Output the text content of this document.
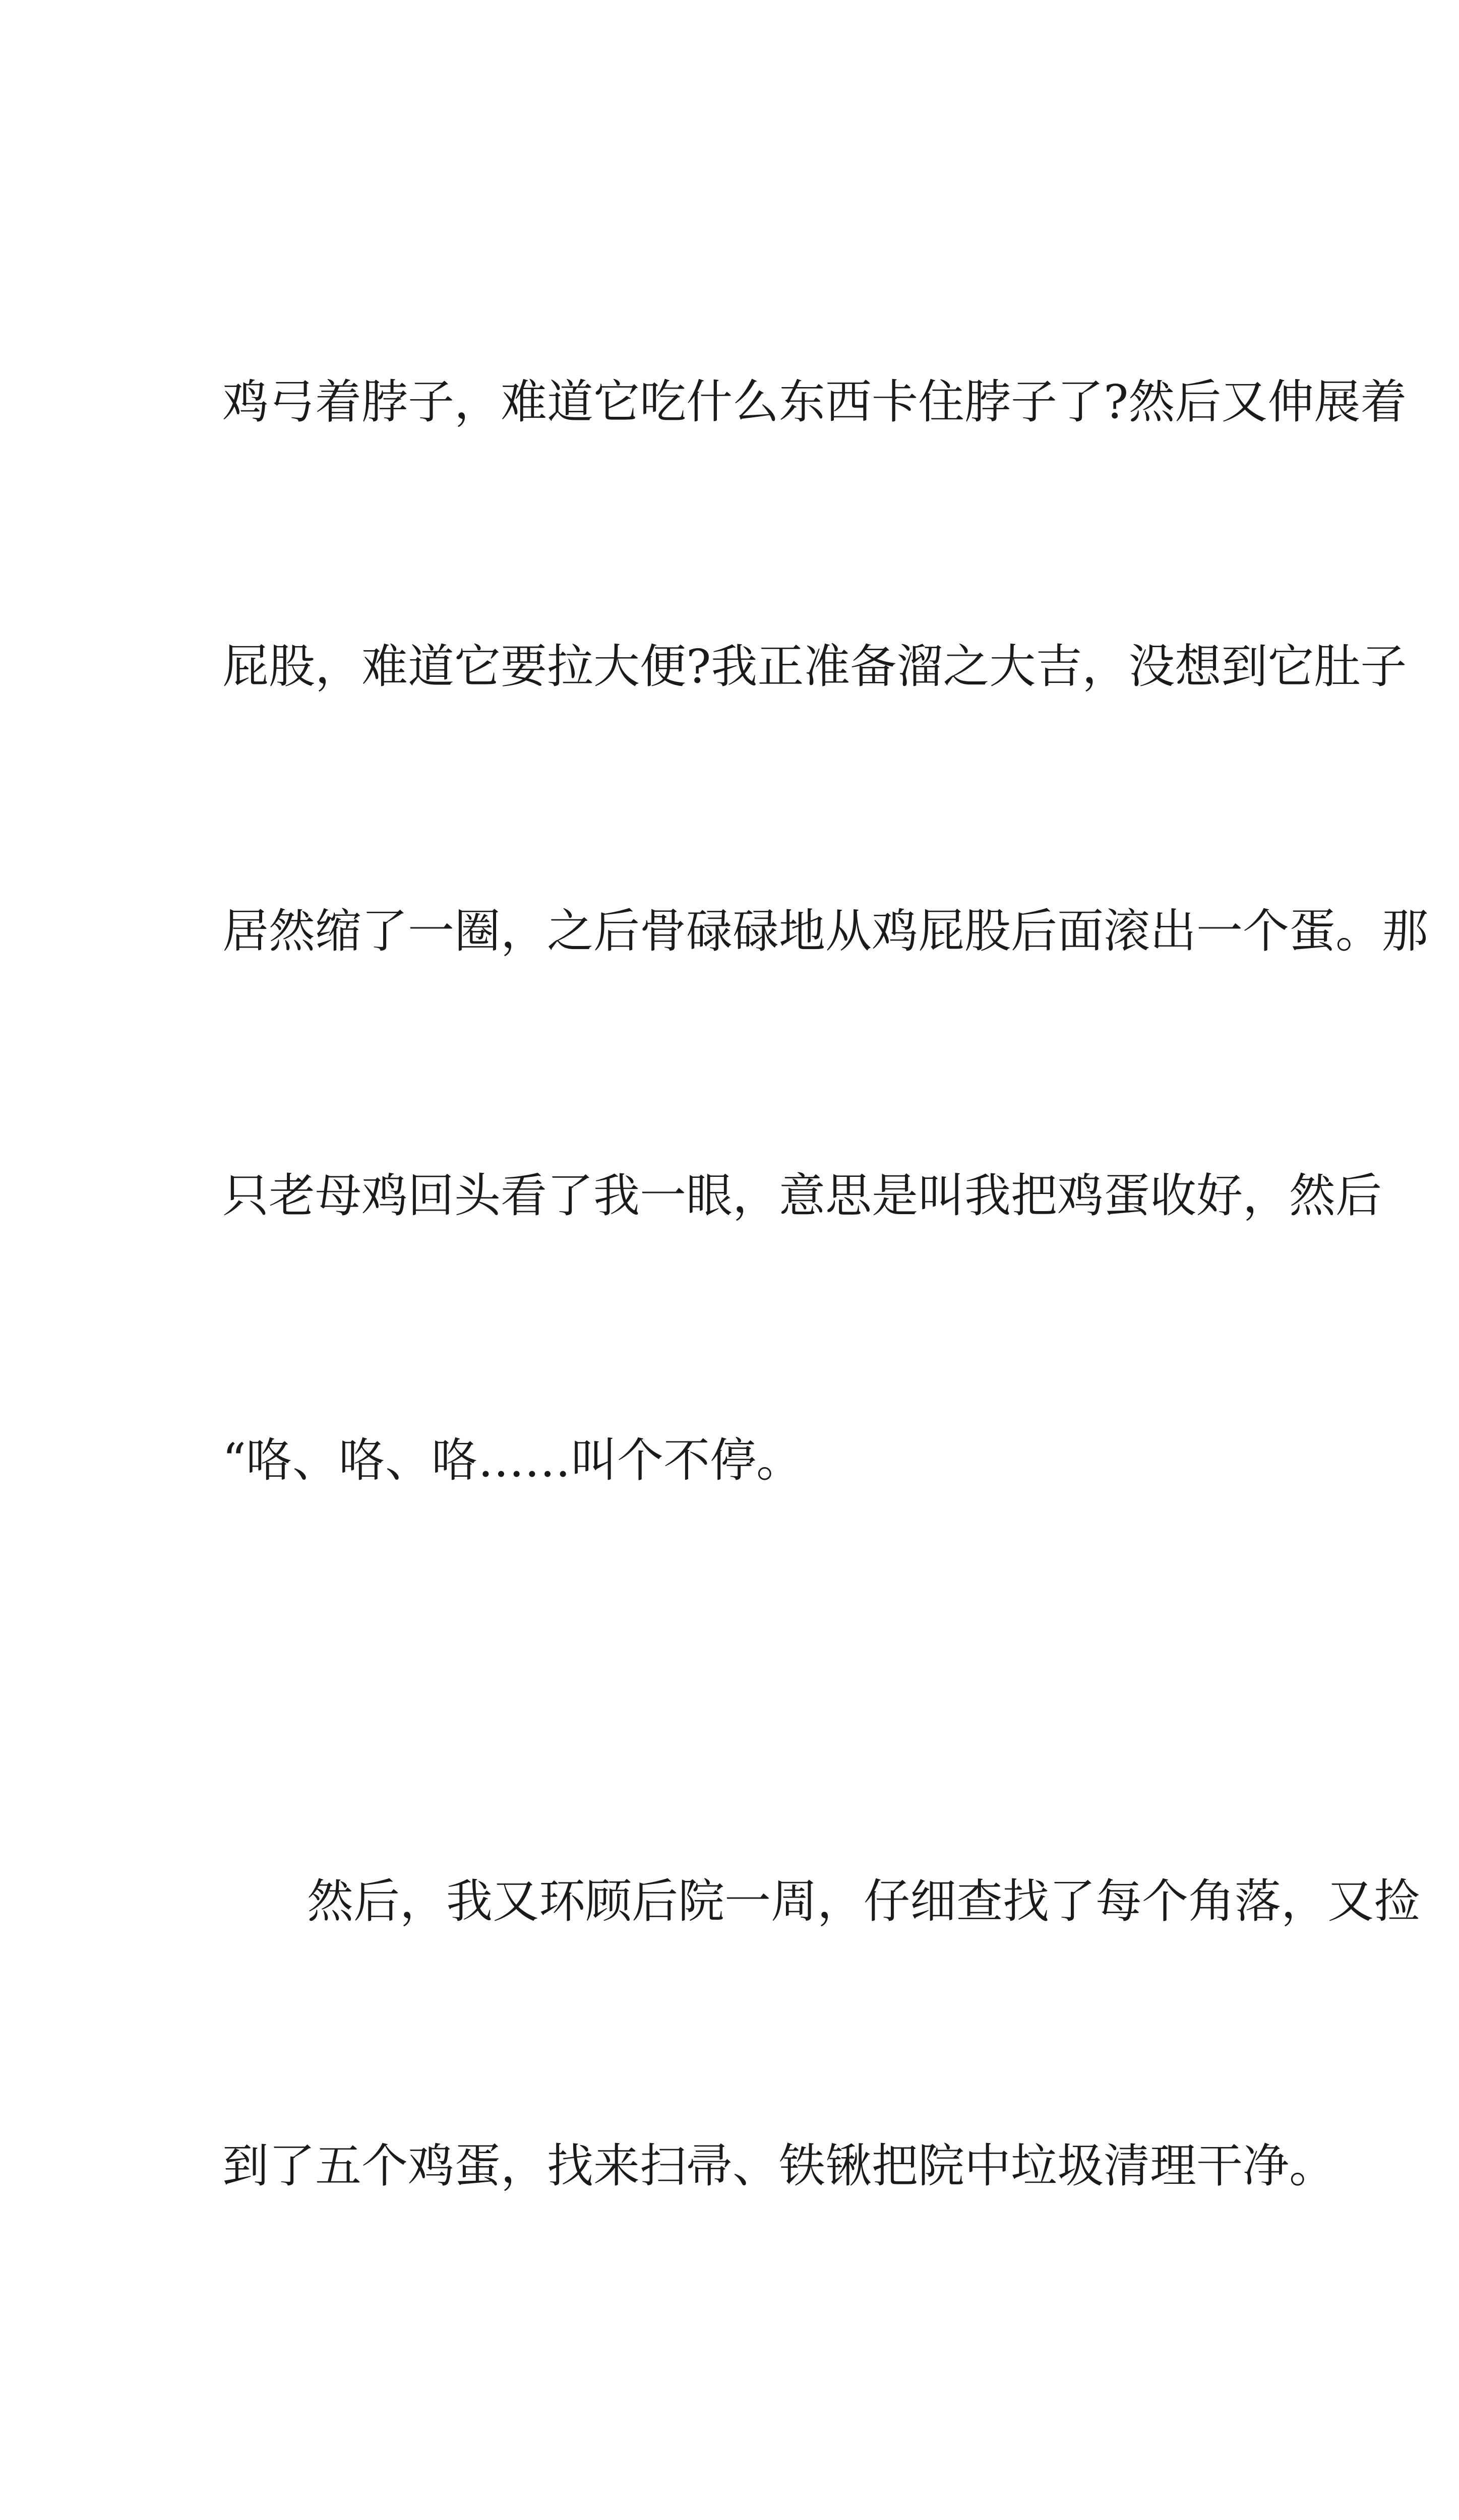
鸡弓着脖子，难道它吃什么东西卡住脖子了?然后又伸展着

屁股，难道它要拉大便?我正准备溜之大吉，没想到它肚子

居然缩了一圈，之后骨碌碌地从鸡屁股后面滚出一个蛋。那

只老母鸡回头看了我一眼，意思是叫我把鸡蛋收好，然后

“咯、咯、咯……叫个不停。

然后，我又环顾后院一周，仔细查找了每个角落，又捡

到了五个鸡蛋，找来扫帚、铁锹把院中垃圾清理干净。
